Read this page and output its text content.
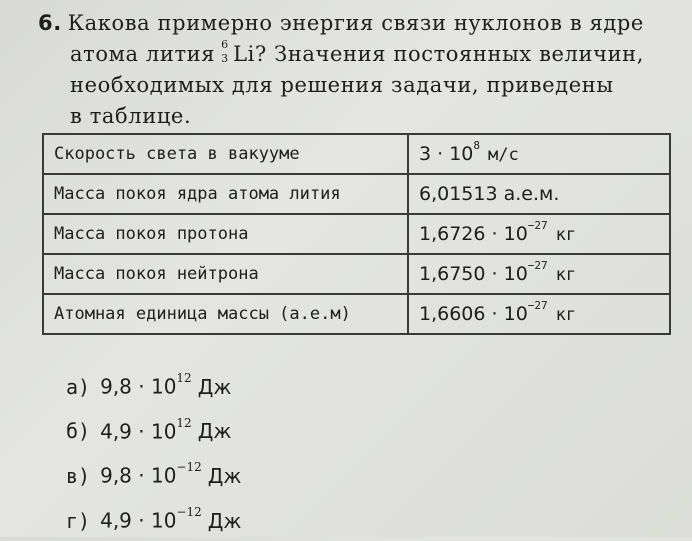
6. Какова примерно энергия связи нуклонов в ядре
атома лития 6
3 Li? Значения постоянных величин,
необходимых для решения задачи, приведены
в таблице.
Скорость света в вакууме	$3 \cdot 10^8$ м/с
Масса покоя ядра атома лития	6,01513 а.е.м.
Масса покоя протона	$1,6726 \cdot 10^{-27}$ кг
Масса покоя нейтрона	$1,6750 \cdot 10^{-27}$ кг
Атомная единица массы (а.е.м)	$1,6606 \cdot 10^{-27}$ кг
а) $9,8 \cdot 10^{12}$ Дж
б) $4,9 \cdot 10^{12}$ Дж
в) $9,8 \cdot 10^{-12}$ Дж
г) $4,9 \cdot 10^{-12}$ Дж
